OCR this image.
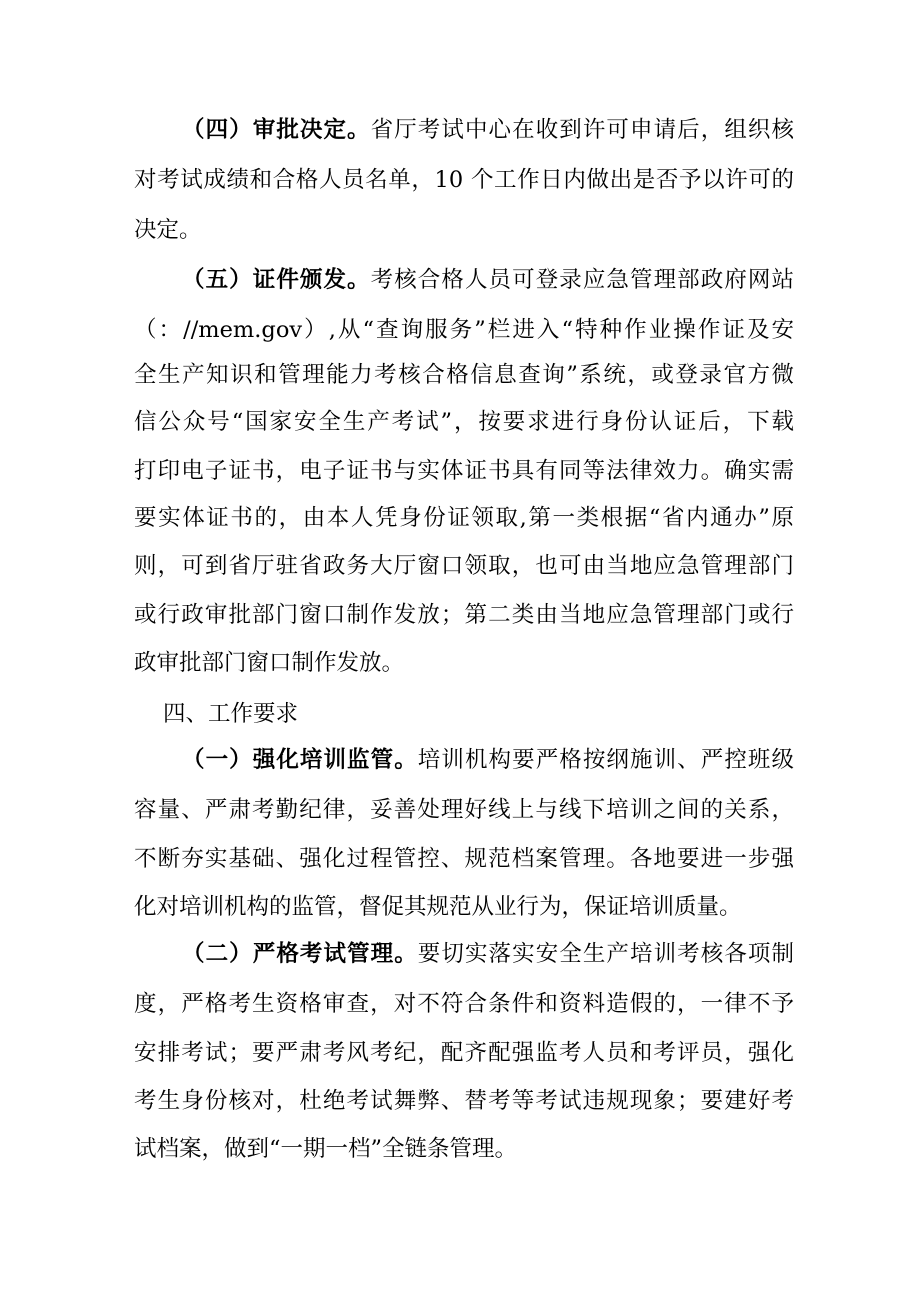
（四）审批决定。省厅考试中心在收到许可申请后，组织核
对考试成绩和合格人员名单，10 个工作日内做出是否予以许可的
决定。
（五）证件颁发。考核合格人员可登录应急管理部政府网站
（：//mem.gov）,从“查询服务”栏进入“特种作业操作证及安
全生产知识和管理能力考核合格信息查询”系统，或登录官方微
信公众号“国家安全生产考试”，按要求进行身份认证后，下载
打印电子证书，电子证书与实体证书具有同等法律效力。确实需
要实体证书的，由本人凭身份证领取,第一类根据“省内通办”原
则，可到省厅驻省政务大厅窗口领取，也可由当地应急管理部门
或行政审批部门窗口制作发放；第二类由当地应急管理部门或行
政审批部门窗口制作发放。
四、工作要求
（一）强化培训监管。培训机构要严格按纲施训、严控班级
容量、严肃考勤纪律，妥善处理好线上与线下培训之间的关系，
不断夯实基础、强化过程管控、规范档案管理。各地要进一步强
化对培训机构的监管，督促其规范从业行为，保证培训质量。
（二）严格考试管理。要切实落实安全生产培训考核各项制
度，严格考生资格审查，对不符合条件和资料造假的，一律不予
安排考试；要严肃考风考纪，配齐配强监考人员和考评员，强化
考生身份核对，杜绝考试舞弊、替考等考试违规现象；要建好考
试档案，做到“一期一档”全链条管理。
